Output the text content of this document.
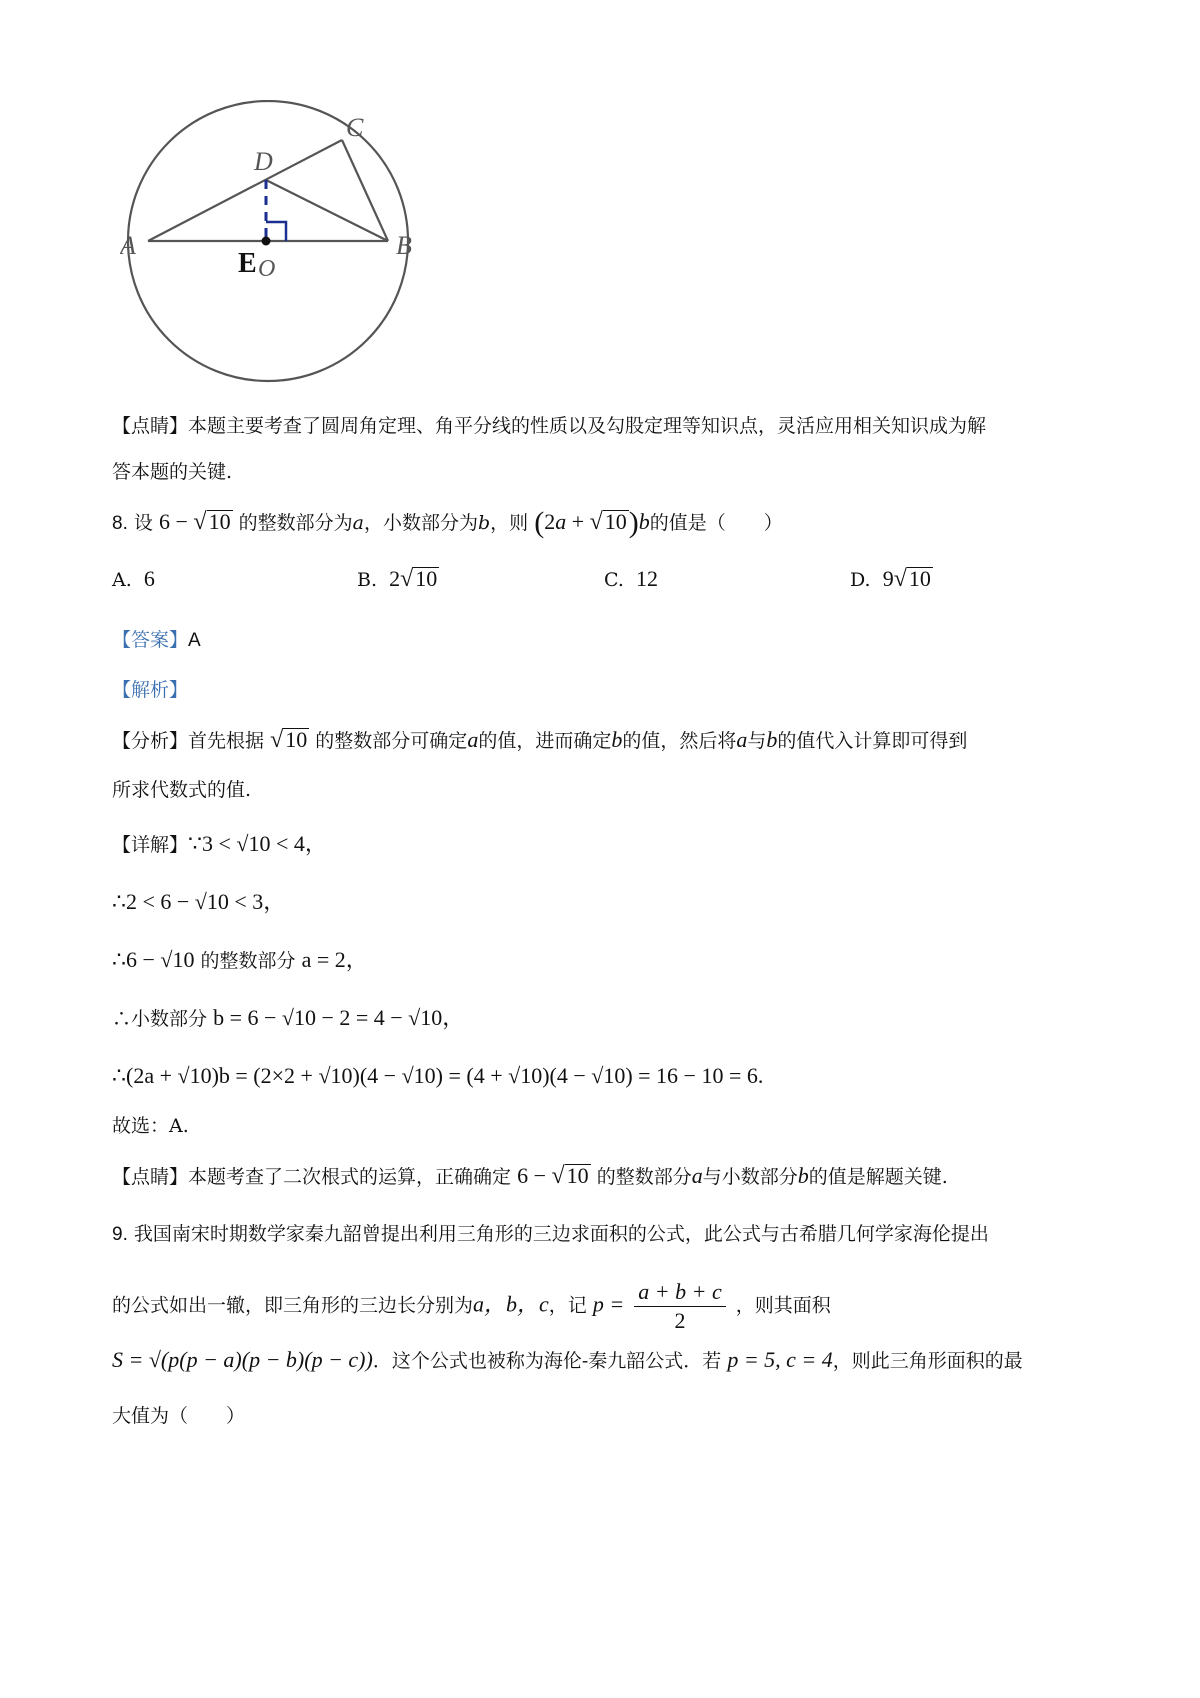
A	B
C
D
E O
【点睛】本题主要考查了圆周角定理、角平分线的性质以及勾股定理等知识点，灵活应用相关知识成为解
答本题的关键.
8. 设 6 − √10 的整数部分为a，小数部分为b，则 (2a + √10)b的值是（　　）
A. 6	B. 2√10	C. 12	D. 9√10
【答案】A
【解析】
【分析】首先根据 √10 的整数部分可确定a的值，进而确定b的值，然后将a与b的值代入计算即可得到
所求代数式的值.
【详解】∵3 < √10 < 4，
∴2 < 6 − √10 < 3，
∴6 − √10 的整数部分 a = 2，
∴小数部分 b = 6 − √10 − 2 = 4 − √10，
∴(2a + √10)b = (2×2 + √10)(4 − √10) = (4 + √10)(4 − √10) = 16 − 10 = 6.
故选：A.
【点睛】本题考查了二次根式的运算，正确确定 6 − √10 的整数部分a与小数部分b的值是解题关键.
9. 我国南宋时期数学家秦九韶曾提出利用三角形的三边求面积的公式，此公式与古希腊几何学家海伦提出
的公式如出一辙，即三角形的三边长分别为a，b，c，记 $p = \frac{a + b + c}{2}$ ，则其面积
S = √(p(p − a)(p − b)(p − c))．这个公式也被称为海伦-秦九韶公式．若 p = 5, c = 4，则此三角形面积的最
大值为（　　）
